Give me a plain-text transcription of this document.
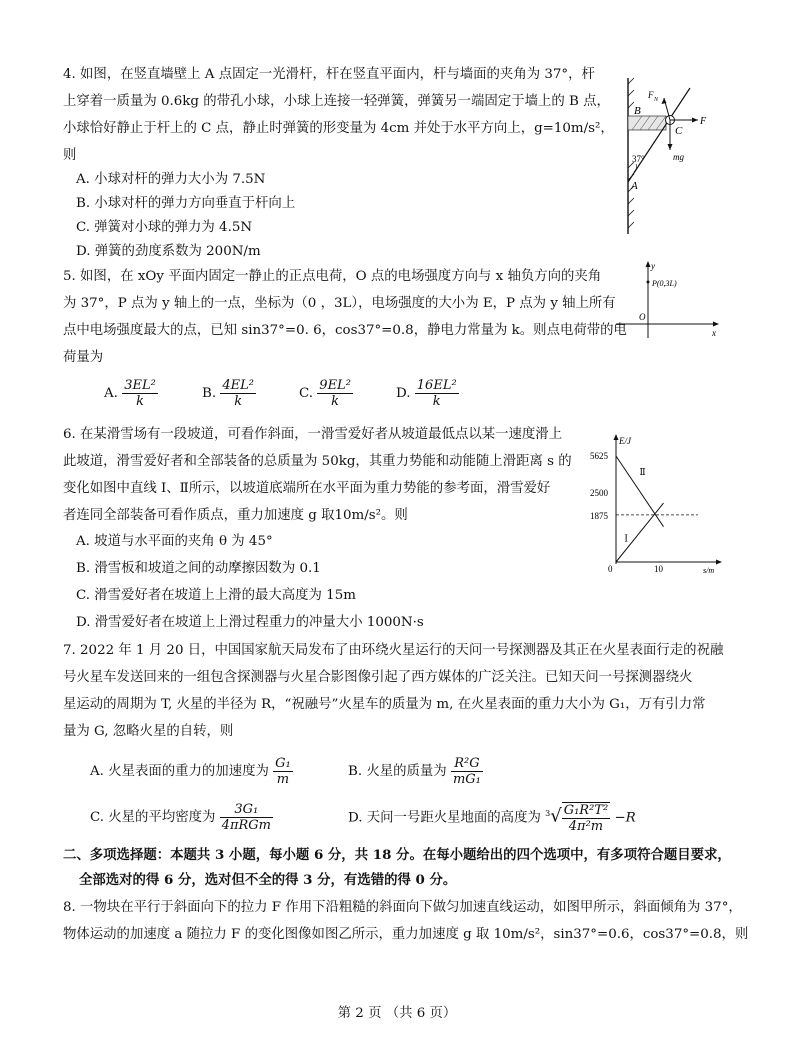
4. 如图，在竖直墙壁上 A 点固定一光滑杆，杆在竖直平面内，杆与墙面的夹角为 37°，杆
上穿着一质量为 0.6kg 的带孔小球，小球上连接一轻弹簧，弹簧另一端固定于墙上的 B 点，
小球恰好静止于杆上的 C 点，静止时弹簧的形变量为 4cm 并处于水平方向上，g=10m/s²，
则
A. 小球对杆的弹力大小为 7.5N
B. 小球对杆的弹力方向垂直于杆向上
C. 弹簧对小球的弹力为 4.5N
D. 弹簧的劲度系数为 200N/m
F N
B
C
F
mg
37°
A
5. 如图，在 xOy 平面内固定一静止的正点电荷，O 点的电场强度方向与 x 轴负方向的夹角
为 37°，P 点为 y 轴上的一点，坐标为（0 ，3L），电场强度的大小为 E，P 点为 y 轴上所有
点中电场强度最大的点，已知 sin37°=0. 6，cos37°=0.8，静电力常量为 k。则点电荷带的电
荷量为
A. $\frac{\text{3EL²}}{k}$	B. $\frac{\text{4EL²}}{k}$	C. $\frac{\text{9EL²}}{k}$	D. $\frac{\text{16EL²}}{k}$
y
P(0,3L)
O
x
6. 在某滑雪场有一段坡道，可看作斜面，一滑雪爱好者从坡道最低点以某一速度滑上
此坡道，滑雪爱好者和全部装备的总质量为 50kg，其重力势能和动能随上滑距离 s 的
变化如图中直线 Ⅰ、Ⅱ所示，以坡道底端所在水平面为重力势能的参考面，滑雪爱好
者连同全部装备可看作质点，重力加速度 g 取10m/s²。则
A. 坡道与水平面的夹角 θ 为 45°
B. 滑雪板和坡道之间的动摩擦因数为 0.1
C. 滑雪爱好者在坡道上上滑的最大高度为 15m
D. 滑雪爱好者在坡道上上滑过程重力的冲量大小 1000N·s
E/J
s/m
5625
2500
1875
0	10
Ⅰ
Ⅱ
7. 2022 年 1 月 20 日，中国国家航天局发布了由环绕火星运行的天问一号探测器及其正在火星表面行走的祝融
号火星车发送回来的一组包含探测器与火星合影图像引起了西方媒体的广泛关注。已知天问一号探测器绕火
星运动的周期为 T, 火星的半径为 R，“祝融号”火星车的质量为 m, 在火星表面的重力大小为 G₁，万有引力常
量为 G, 忽略火星的自转，则
A. 火星表面的重力的加速度为 $\frac{\text{G₁}}{m}$	B. 火星的质量为 $\frac{\text{R²G}}{\text{mG₁}}$
C. 火星的平均密度为 $\frac{\text{3G₁}}{\text{4πRGm}}$	D. 天问一号距火星地面的高度为 $^3√ \frac{\text{G₁R²T²}}{\text{4π²m}} -R$
二、多项选择题：本题共 3 小题，每小题 6 分，共 18 分。在每小题给出的四个选项中，有多项符合题目要求，
全部选对的得 6 分，选对但不全的得 3 分，有选错的得 0 分。
8. 一物块在平行于斜面向下的拉力 F 作用下沿粗糙的斜面向下做匀加速直线运动，如图甲所示，斜面倾角为 37°，
物体运动的加速度 a 随拉力 F 的变化图像如图乙所示，重力加速度 g 取 10m/s²，sin37°=0.6，cos37°=0.8，则
第 2 页 （共 6 页）
